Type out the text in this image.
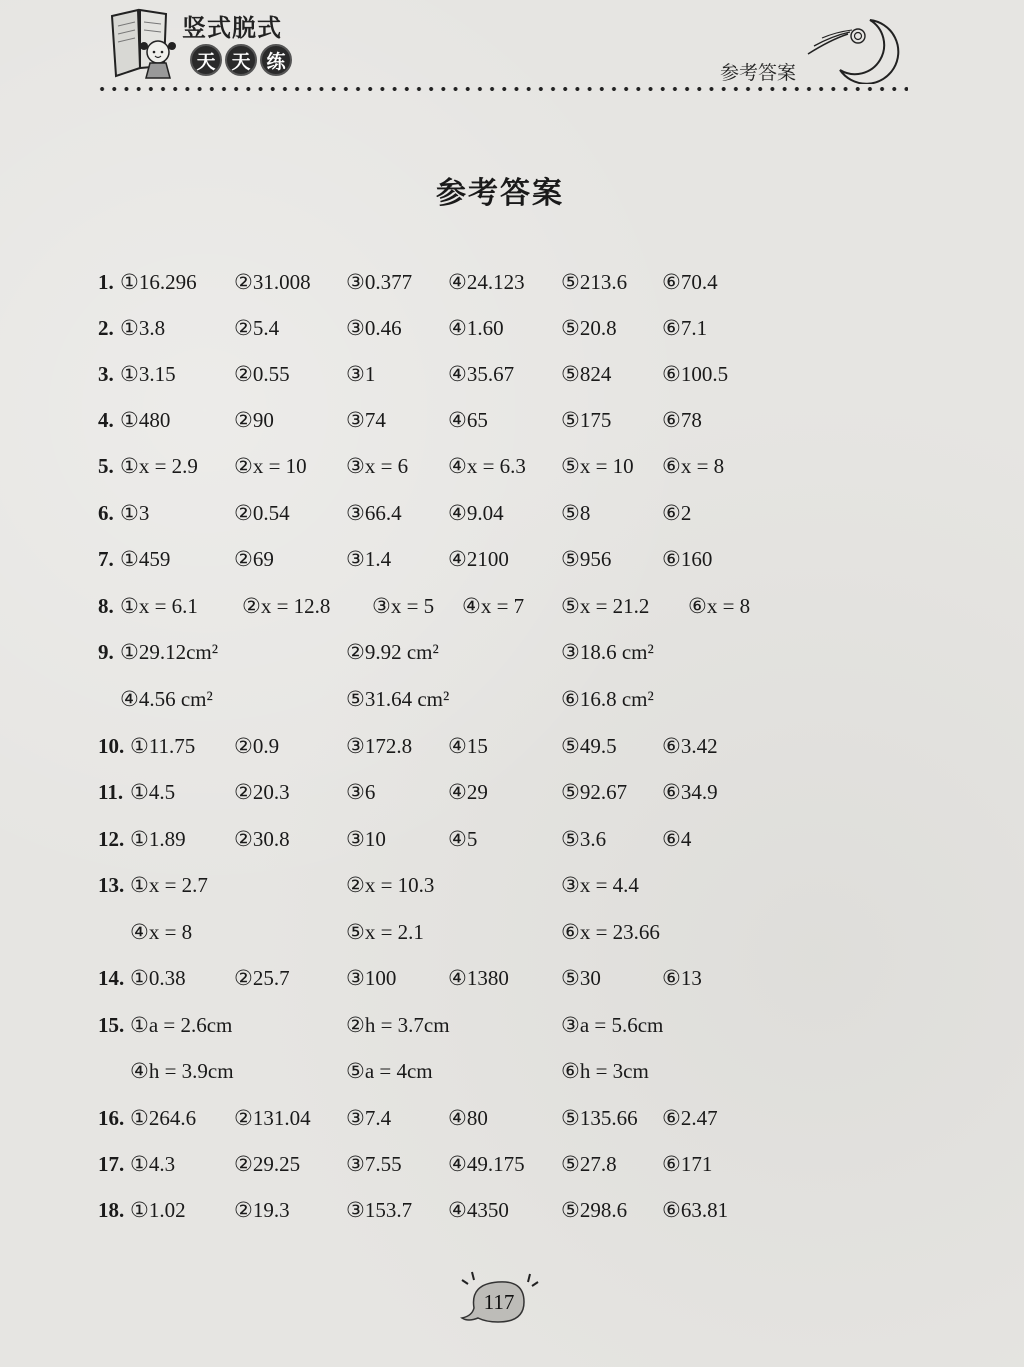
竖式脱式
天 天 练
参考答案
参考答案
1. ①16.296 ②31.008 ③0.377 ④24.123 ⑤213.6 ⑥70.4
2. ①3.8	②5.4	③0.46 ④1.60	⑤20.8 ⑥7.1
3. ①3.15	②0.55	③1	④35.67 ⑤824 ⑥100.5
4. ①480	②90	③74	④65	⑤175 ⑥78
5. ①x = 2.9 ②x = 10 ③x = 6 ④x = 6.3 ⑤x = 10 ⑥x = 8
6. ①3	②0.54	③66.4 ④9.04	⑤8	⑥2
7. ①459	②69	③1.4	④2100 ⑤956 ⑥160
8. ①x = 6.1 ②x = 12.8 ③x = 5 ④x = 7 ⑤x = 21.2 ⑥x = 8
9. ①29.12cm²	②9.92 cm²	③18.6 cm²
④4.56 cm²	⑤31.64 cm²	⑥16.8 cm²
10. ①11.75 ②0.9	③172.8 ④15	⑤49.5 ⑥3.42
11. ①4.5	②20.3	③6	④29	⑤92.67 ⑥34.9
12. ①1.89 ②30.8	③10	④5	⑤3.6	⑥4
13. ①x = 2.7	②x = 10.3	③x = 4.4
④x = 8	⑤x = 2.1	⑥x = 23.66
14. ①0.38 ②25.7	③100 ④1380 ⑤30	⑥13
15. ①a = 2.6cm	②h = 3.7cm	③a = 5.6cm
④h = 3.9cm	⑤a = 4cm	⑥h = 3cm
16. ①264.6 ②131.04 ③7.4	④80	⑤135.66 ⑥2.47
17. ①4.3	②29.25 ③7.55 ④49.175 ⑤27.8 ⑥171
18. ①1.02 ②19.3	③153.7 ④4350 ⑤298.6 ⑥63.81
117
